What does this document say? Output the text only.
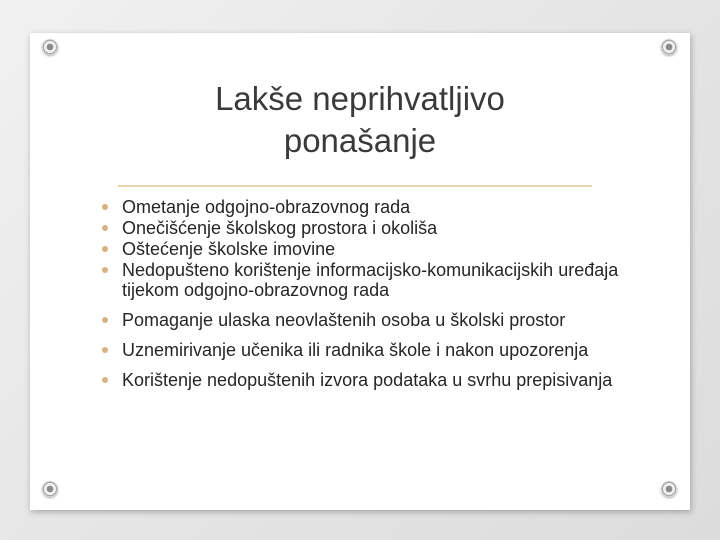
Lakše neprihvatljivo
ponašanje
Ometanje odgojno-obrazovnog rada
Onečišćenje školskog prostora i okoliša
Oštećenje školske imovine
Nedopušteno korištenje informacijsko-komunikacijskih uređaja tijekom odgojno-obrazovnog rada
Pomaganje ulaska neovlaštenih osoba u školski prostor
Uznemirivanje učenika ili radnika škole i nakon upozorenja
Korištenje nedopuštenih izvora podataka u svrhu prepisivanja
